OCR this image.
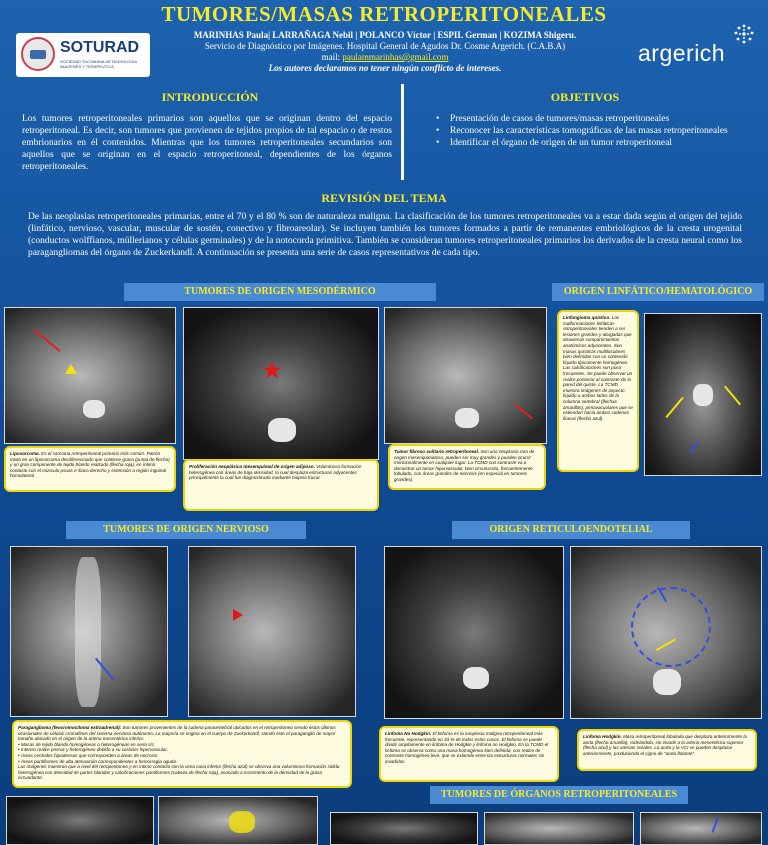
TUMORES/MASAS RETROPERITONEALES
SOTURAD
SOCIEDAD TUCUMANA DE RADIOLOGIA IMAGENES Y TERAPEUTICA
MARINHAS Paula| LARRAÑAGA Nebil | POLANCO Víctor | ESPIL German | KOZIMA Shigeru.
Servicio de Diagnóstico por Imágenes. Hospital General de Agudos Dr. Cosme Argerich. (C.A.B.A)
mail: paulammarinhas@gmail.com
Los autores declaramos no tener ningún conflicto de intereses.
argerich
INTRODUCCIÓN
Los tumores retroperitoneales primarios son aquellos que se originan dentro del espacio retroperitoneal. Es decir, son tumores que provienen de tejidos propios de tal espacio o de restos embrionarios en él contenidos. Mientras que los tumores retroperitoneales secundarios son aquellos que se originan en el espacio retroperitoneal, dependientes de los órganos retroperitoneales.
OBJETIVOS
• Presentación de casos de tumores/masas retroperitoneales
• Reconocer las características tomográficas de las masas retroperitoneales
• Identificar el órgano de origen de un tumor retroperitoneal
REVISIÓN DEL TEMA
De las neoplasias retroperitoneales primarias, entre el 70 y el 80 % son de naturaleza maligna. La clasificación de los tumores retroperitoneales va a estar dada según el origen del tejido (linfático, nervioso, vascular, muscular de sostén, conectivo y fibroareolar). Se incluyen también los tumores formados a partir de remanentes embriológicos de la cresta urogenital (conductos wolffianos, müllerianos y células germinales) y de la notocorda primitiva. También se consideran tumores retroperitoneales primarios los derivados de la cresta neural como los paragangliomas del órgano de Zuckerkandl. A continuación se presenta una serie de casos representativos de cada tipo.
TUMORES DE ORIGEN MESODÉRMICO	ORIGEN LINFÁTICO/HEMATOLÓGICO
Liposarcoma. Es el sarcoma retroperitoneal primario más común. Patrón mixto en un liposarcoma desdiferenciado que contiene grasa (punta de flecha) y un gran componente de tejido blando realzado (flecha roja), en íntimo contacto con el músculo psoas e ilíaco derecho y extensión a región inguinal homolateral.
Proliferación neoplásica mesenquimal de origen adiposo. Voluminosa formación heterogénea con áreas de baja densidad, la cual desplaza estructuras adyacentes principalmente la cual fue diagnosticada mediante biopsia trucut.
Tumor fibroso solitario retroperitoneal. Son una neoplasia rara de origen mesenquimatoso, pueden ser muy grandes y pueden ocurrir mencionalmente en cualquier lugar. La TCMD con contraste va a demostrar un tumor hipervascular, bien circunscrito, frecuentemente lobulado, con áreas grandes de necrosis (en especial en tumores grandes).
Linfangioma quístico. Las malformaciones linfáticas retroperitoneales tienden a ser lesiones grandes y alargadas que atraviesan compartimientos anatómicos adyacentes. Son masas quísticas multiloculares bien definidas con un contenido líquido típicamente homogéneo. Las calcificaciones son poco frecuentes. Se puede observar un realce posterior al contraste de la pared del quiste. La TCMD muestra imágenes de aspecto líquido a ambos lados de la columna vertebral (flechas amarillas), periavacuolares que se extienden hacia ambos cadenas ilíacas (flecha azul).
TUMORES DE ORIGEN NERVIOSO
Paraganglioma (feocromocitoma extraadrenal): Son tumores provenientes de la cadena paravertebral ubicados en el retroperitoneo siendo éstos últimos ocasionales de células cromafines del sistema nervioso autónomo. La mayoría se origina en el cuerpo de Zuckerkandl, siendo éste el paraganglio de mayor tamaño ubicado en el origen de la arteria mesentérica inferior.
• Masas de tejido blando homogéneas o heterogéneas en seria s/c.
• Intenso realce precoz y heterogéneo debido a su carácter hipervascular.
• Áreas centrales hipodensas que corresponden a áreas de necrosis.
• Áreas puntiformes de alta atenuación correspondientes a hemorragia aguda.
Las imágenes muestran que a nivel del retroperitoneo y en íntimo contacto con la vena cava inferior (flecha azul) se observa una voluminosa formación sólida heterogénea con densidad de partes blandas y calcificaciones puntiformes (cabeza de flecha roja), asociado a incremento de la densidad de la grasa circundante.
ORIGEN RETICULOENDOTELIAL
Linfoma No Hodgkin. El linfoma es la neoplasia maligna retroperitoneal más frecuente, representando en 33 % de todos estos casos. El linfoma se puede dividir ampliamente en linfoma de Hodgkin y linfoma no Hodgkin. En la TCMD el linfoma se observa como una masa homogénea bien definida, con realce de contraste homogéneo leve, que se extiende entre las estructuras normales sin invadirlas.
Linfoma Hodgkin. Masa retroperitoneal lobulada que desplaza anteriormente la aorta (flecha amarilla), rodeándola, sin invadir a la arteria mesentérica superior (flecha azul) y las arterias renales. La aorta y la VCI se pueden desplazar anteriormente, produciendo el signo de "aorta flotante".
TUMORES DE ÓRGANOS RETROPERITONEALES
